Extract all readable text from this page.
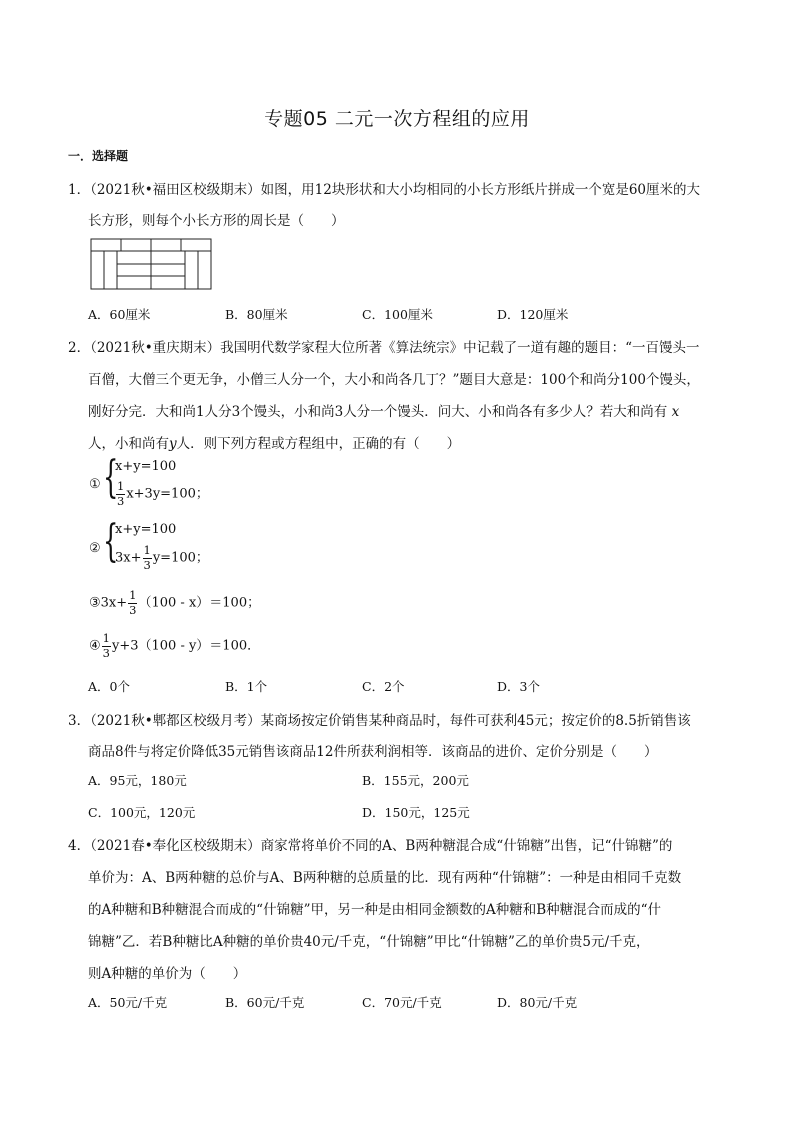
专题05 二元一次方程组的应用
一．选择题
1．（2021秋•福田区校级期末）如图，用12块形状和大小均相同的小长方形纸片拼成一个宽是60厘米的大
长方形，则每个小长方形的周长是（　　）
A．60厘米	B．80厘米	C．100厘米	D．120厘米
2．（2021秋•重庆期末）我国明代数学家程大位所著《算法统宗》中记载了一道有趣的题目：“一百馒头一
百僧，大僧三个更无争，小僧三人分一个，大小和尚各几丁？”题目大意是：100个和尚分100个馒头，
刚好分完．大和尚1人分3个馒头，小和尚3人分一个馒头．问大、小和尚各有多少人？若大和尚有 x
人，小和尚有y人．则下列方程或方程组中，正确的有（　　）
① {
x+y=100
$\frac{1}{3} x+3y=100$；
② {
x+y=100
$3x+ \frac{1}{3} y=100$；
③3x+ $\frac{1}{3} (100 - x)=100$；
④ $\frac{1}{3} y+3(100 - y)=100$．
A．0个	B．1个	C．2个	D．3个
3．（2021秋•郫都区校级月考）某商场按定价销售某种商品时，每件可获利45元；按定价的8.5折销售该
商品8件与将定价降低35元销售该商品12件所获利润相等．该商品的进价、定价分别是（　　）
A．95元，180元	B．155元，200元
C．100元，120元	D．150元，125元
4．（2021春•奉化区校级期末）商家常将单价不同的A、B两种糖混合成“什锦糖”出售，记“什锦糖”的
单价为：A、B两种糖的总价与A、B两种糖的总质量的比．现有两种“什锦糖”：一种是由相同千克数
的A种糖和B种糖混合而成的“什锦糖”甲，另一种是由相同金额数的A种糖和B种糖混合而成的“什
锦糖”乙．若B种糖比A种糖的单价贵40元/千克，“什锦糖”甲比“什锦糖”乙的单价贵5元/千克，
则A种糖的单价为（　　）
A．50元/千克	B．60元/千克	C．70元/千克	D．80元/千克
